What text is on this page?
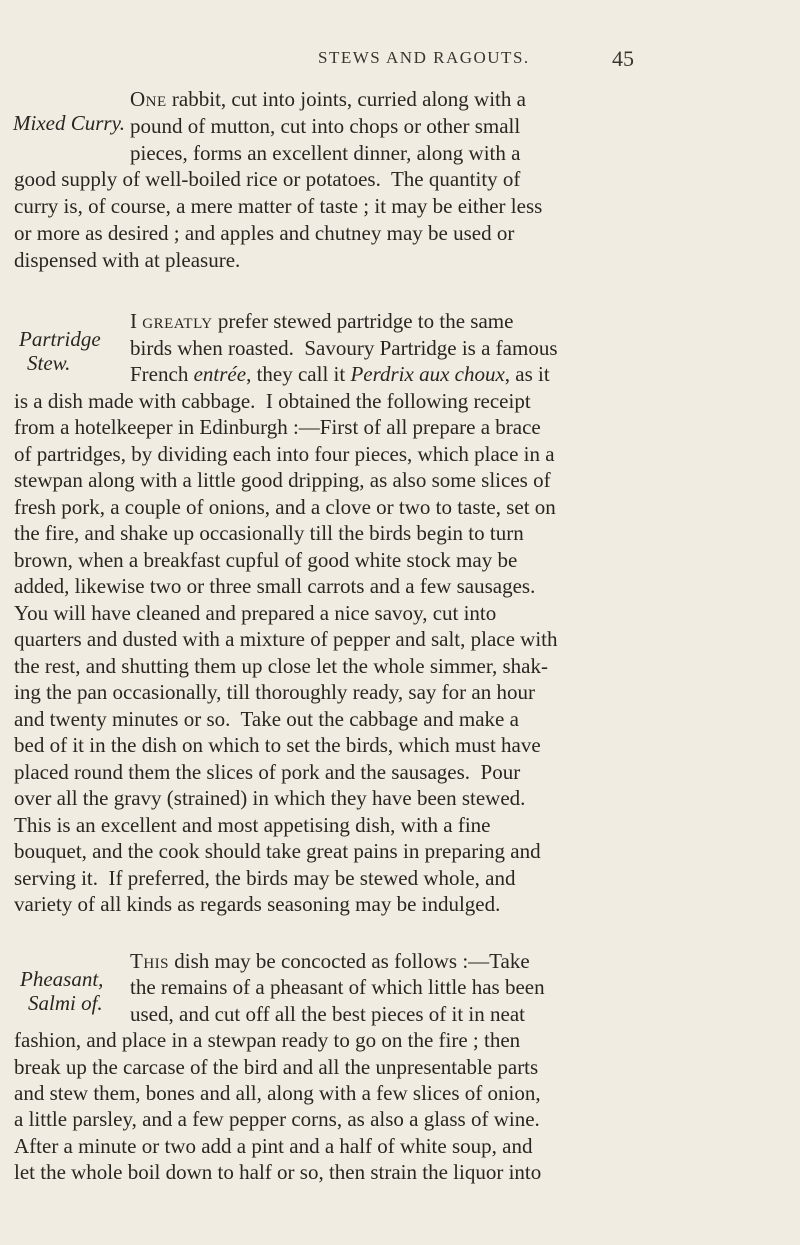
STEWS AND RAGOUTS.	45
Mixed Curry.
One rabbit, cut into joints, curried along with a
pound of mutton, cut into chops or other small
pieces, forms an excellent dinner, along with a
good supply of well-boiled rice or potatoes.  The quantity of
curry is, of course, a mere matter of taste ; it may be either less
or more as desired ; and apples and chutney may be used or
dispensed with at pleasure.
Partridge
Stew.
I greatly prefer stewed partridge to the same
birds when roasted.  Savoury Partridge is a famous
French entrée, they call it Perdrix aux choux, as it
is a dish made with cabbage.  I obtained the following receipt
from a hotelkeeper in Edinburgh :—First of all prepare a brace
of partridges, by dividing each into four pieces, which place in a
stewpan along with a little good dripping, as also some slices of
fresh pork, a couple of onions, and a clove or two to taste, set on
the fire, and shake up occasionally till the birds begin to turn
brown, when a breakfast cupful of good white stock may be
added, likewise two or three small carrots and a few sausages.
You will have cleaned and prepared a nice savoy, cut into
quarters and dusted with a mixture of pepper and salt, place with
the rest, and shutting them up close let the whole simmer, shak-
ing the pan occasionally, till thoroughly ready, say for an hour
and twenty minutes or so.  Take out the cabbage and make a
bed of it in the dish on which to set the birds, which must have
placed round them the slices of pork and the sausages.  Pour
over all the gravy (strained) in which they have been stewed.
This is an excellent and most appetising dish, with a fine
bouquet, and the cook should take great pains in preparing and
serving it.  If preferred, the birds may be stewed whole, and
variety of all kinds as regards seasoning may be indulged.
Pheasant,
Salmi of.
This dish may be concocted as follows :—Take
the remains of a pheasant of which little has been
used, and cut off all the best pieces of it in neat
fashion, and place in a stewpan ready to go on the fire ; then
break up the carcase of the bird and all the unpresentable parts
and stew them, bones and all, along with a few slices of onion,
a little parsley, and a few pepper corns, as also a glass of wine.
After a minute or two add a pint and a half of white soup, and
let the whole boil down to half or so, then strain the liquor into
